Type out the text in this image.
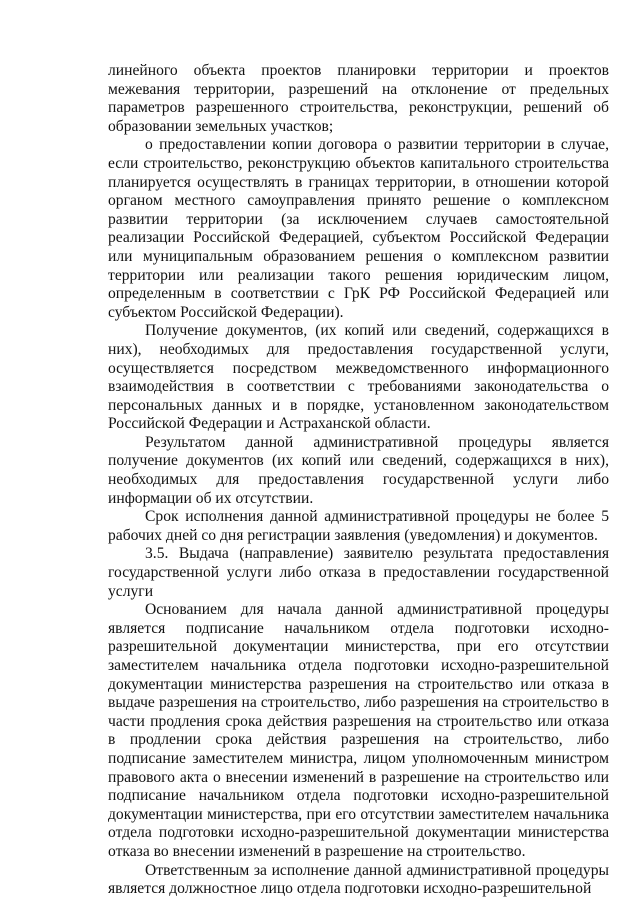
линейного объекта проектов планировки территории и проектов межевания территории, разрешений на отклонение от предельных параметров разрешенного строительства, реконструкции, решений об образовании земельных участков;

о предоставлении копии договора о развитии территории в случае, если строительство, реконструкцию объектов капитального строительства планируется осуществлять в границах территории, в отношении которой органом местного самоуправления принято решение о комплексном развитии территории (за исключением случаев самостоятельной реализации Российской Федерацией, субъектом Российской Федерации или муниципальным образованием решения о комплексном развитии территории или реализации такого решения юридическим лицом, определенным в соответствии с ГрК РФ Российской Федерацией или субъектом Российской Федерации).

Получение документов, (их копий или сведений, содержащихся в них), необходимых для предоставления государственной услуги, осуществляется посредством межведомственного информационного взаимодействия в соответствии с требованиями законодательства о персональных данных и в порядке, установленном законодательством Российской Федерации и Астраханской области.

Результатом данной административной процедуры является получение документов (их копий или сведений, содержащихся в них), необходимых для предоставления государственной услуги либо информации об их отсутствии.

Срок исполнения данной административной процедуры не более 5 рабочих дней со дня регистрации заявления (уведомления) и документов.

3.5. Выдача (направление) заявителю результата предоставления государственной услуги либо отказа в предоставлении государственной услуги

Основанием для начала данной административной процедуры является подписание начальником отдела подготовки исходно-разрешительной документации министерства, при его отсутствии заместителем начальника отдела подготовки исходно-разрешительной документации министерства разрешения на строительство или отказа в выдаче разрешения на строительство, либо разрешения на строительство в части продления срока действия разрешения на строительство или отказа в продлении срока действия разрешения на строительство, либо подписание заместителем министра, лицом уполномоченным министром правового акта о внесении изменений в разрешение на строительство или подписание начальником отдела подготовки исходно-разрешительной документации министерства, при его отсутствии заместителем начальника отдела подготовки исходно-разрешительной документации министерства отказа во внесении изменений в разрешение на строительство.

Ответственным за исполнение данной административной процедуры является должностное лицо отдела подготовки исходно-разрешительной
